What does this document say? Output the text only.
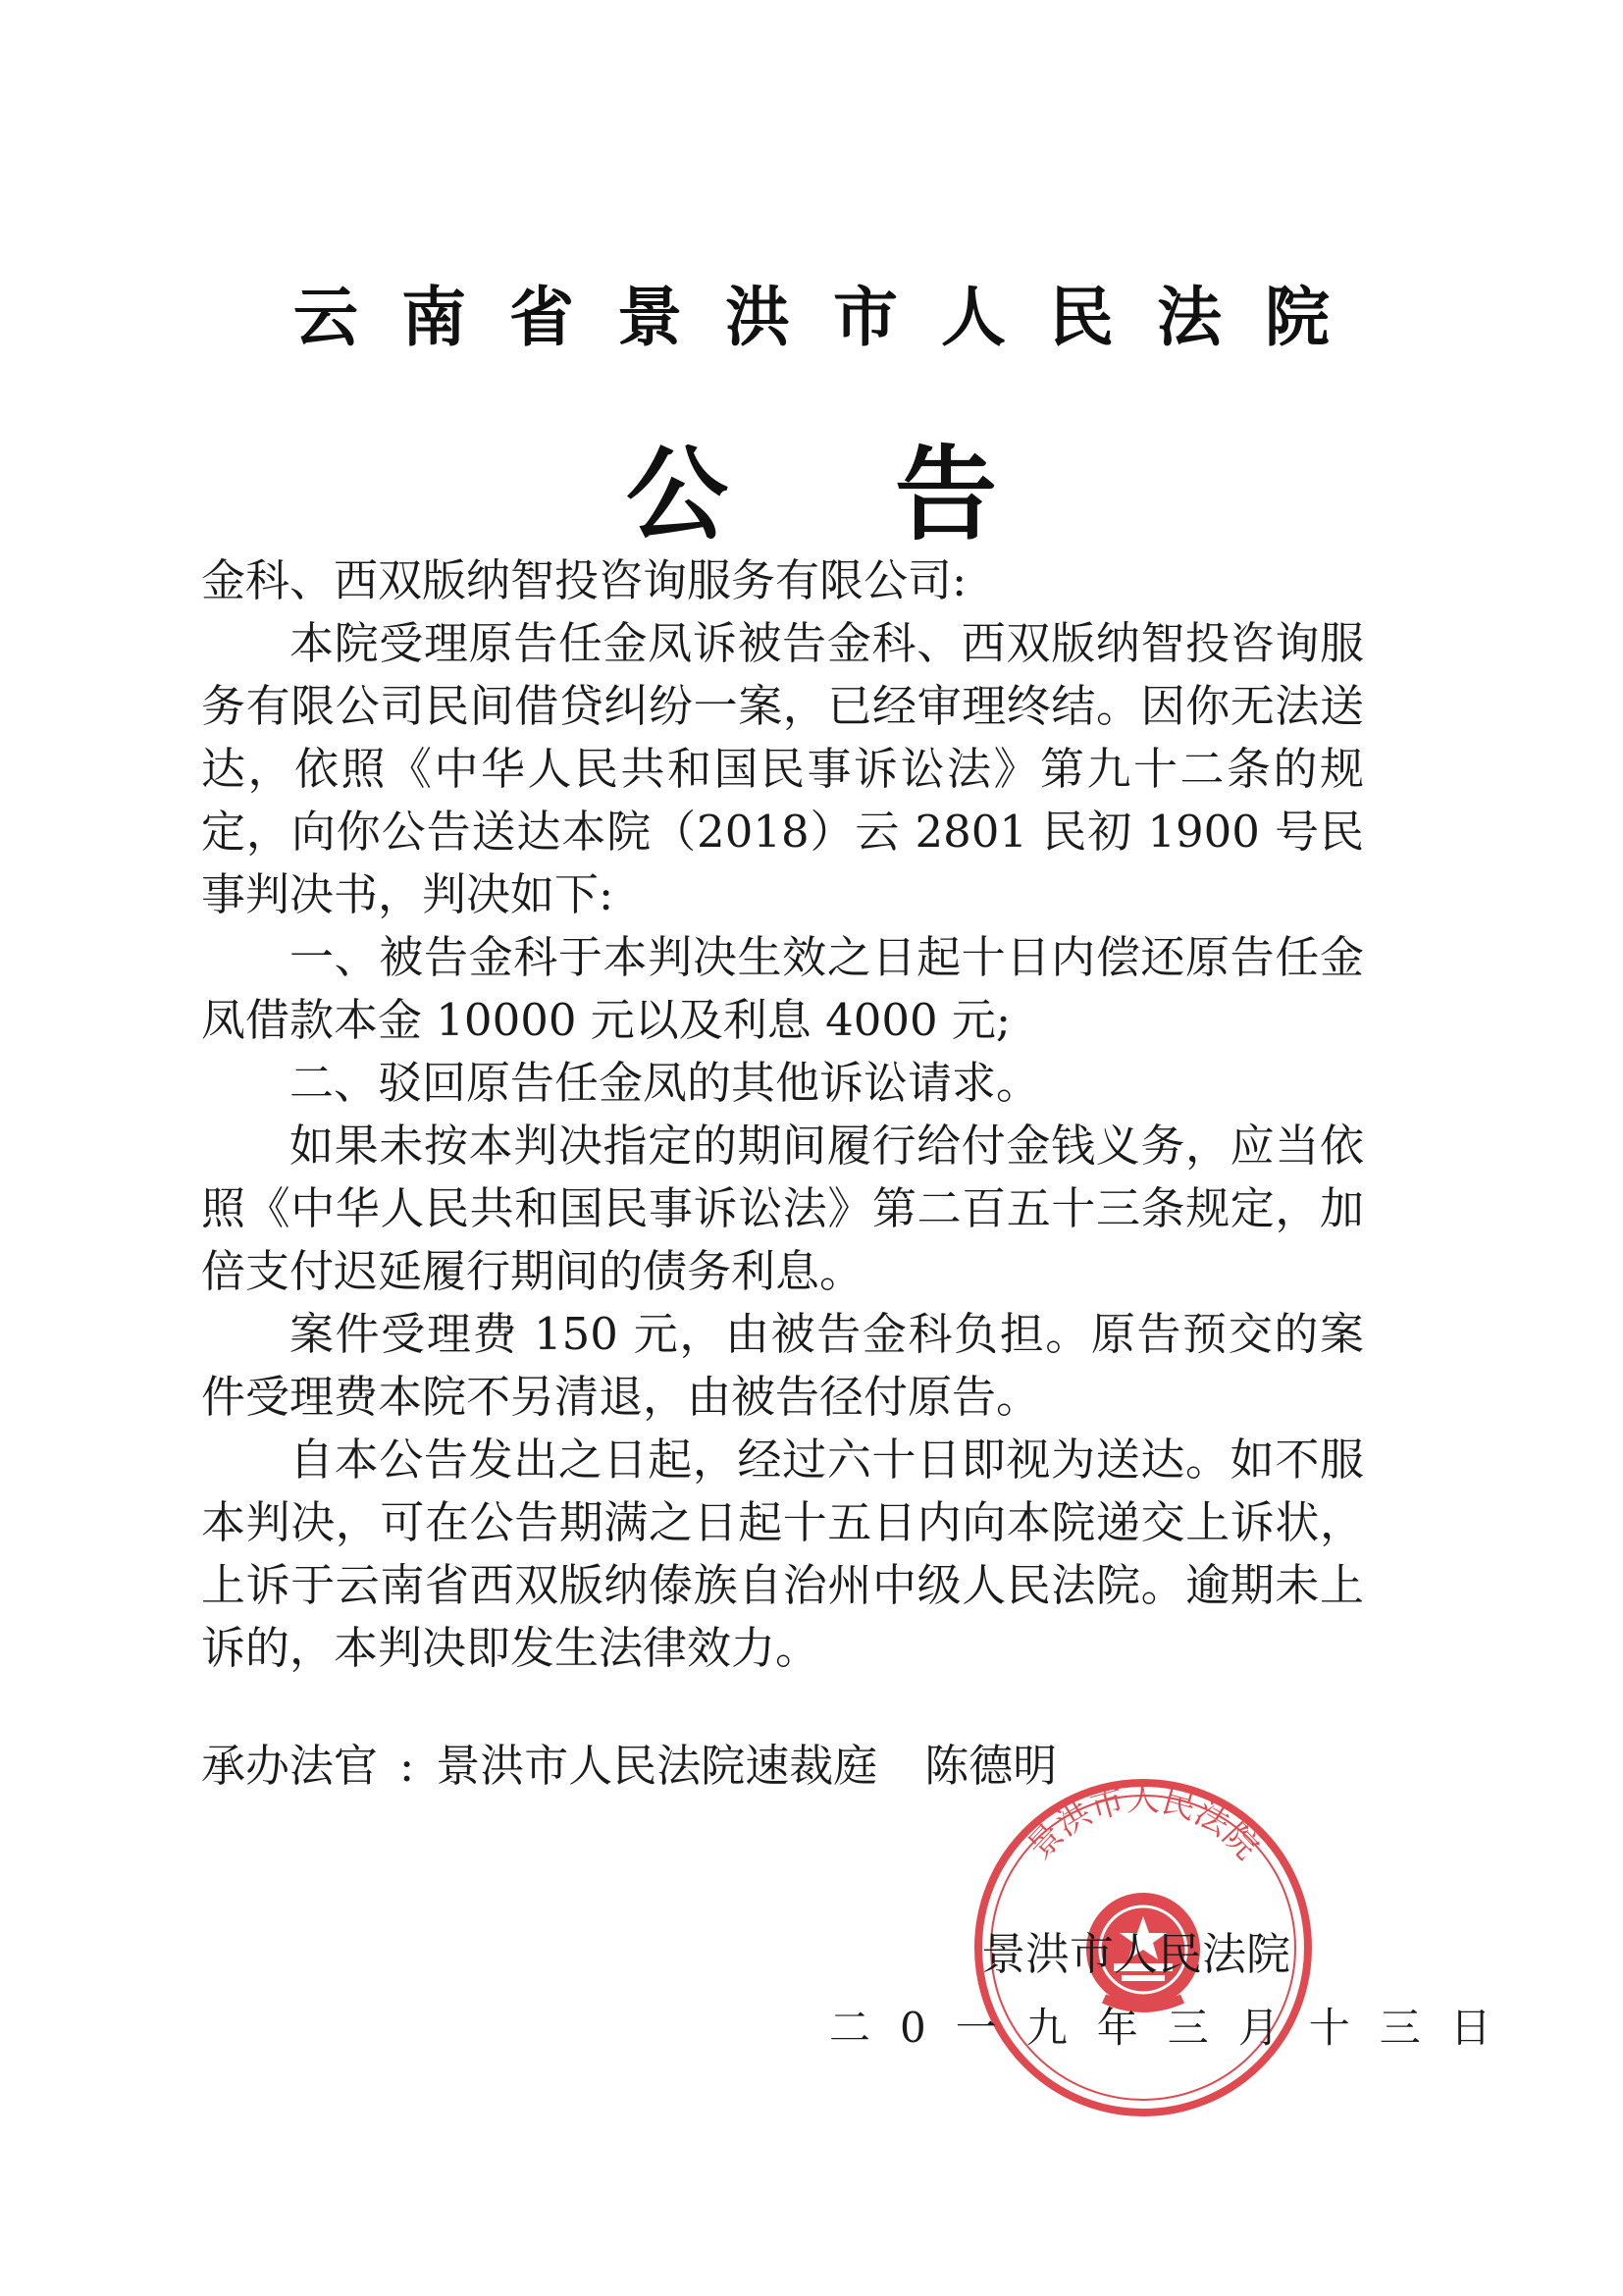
云南省景洪市人民法院
公告

金科、西双版纳智投咨询服务有限公司:

本院受理原告任金凤诉被告金科、西双版纳智投咨询服务有限公司民间借贷纠纷一案，已经审理终结。因你无法送达，依照《中华人民共和国民事诉讼法》第九十二条的规定，向你公告送达本院（2018）云 2801 民初 1900 号民事判决书，判决如下:

一、被告金科于本判决生效之日起十日内偿还原告任金凤借款本金 10000 元以及利息 4000 元;

二、驳回原告任金凤的其他诉讼请求。

如果未按本判决指定的期间履行给付金钱义务，应当依照《中华人民共和国民事诉讼法》第二百五十三条规定，加倍支付迟延履行期间的债务利息。

案件受理费 150 元，由被告金科负担。原告预交的案件受理费本院不另清退，由被告径付原告。

自本公告发出之日起，经过六十日即视为送达。如不服本判决，可在公告期满之日起十五日内向本院递交上诉状，上诉于云南省西双版纳傣族自治州中级人民法院。逾期未上诉的，本判决即发生法律效力。

承办法官 : 景洪市人民法院速裁庭 陈德明
景洪市人民法院
景洪市人民法院
二0一九年三月十三日
